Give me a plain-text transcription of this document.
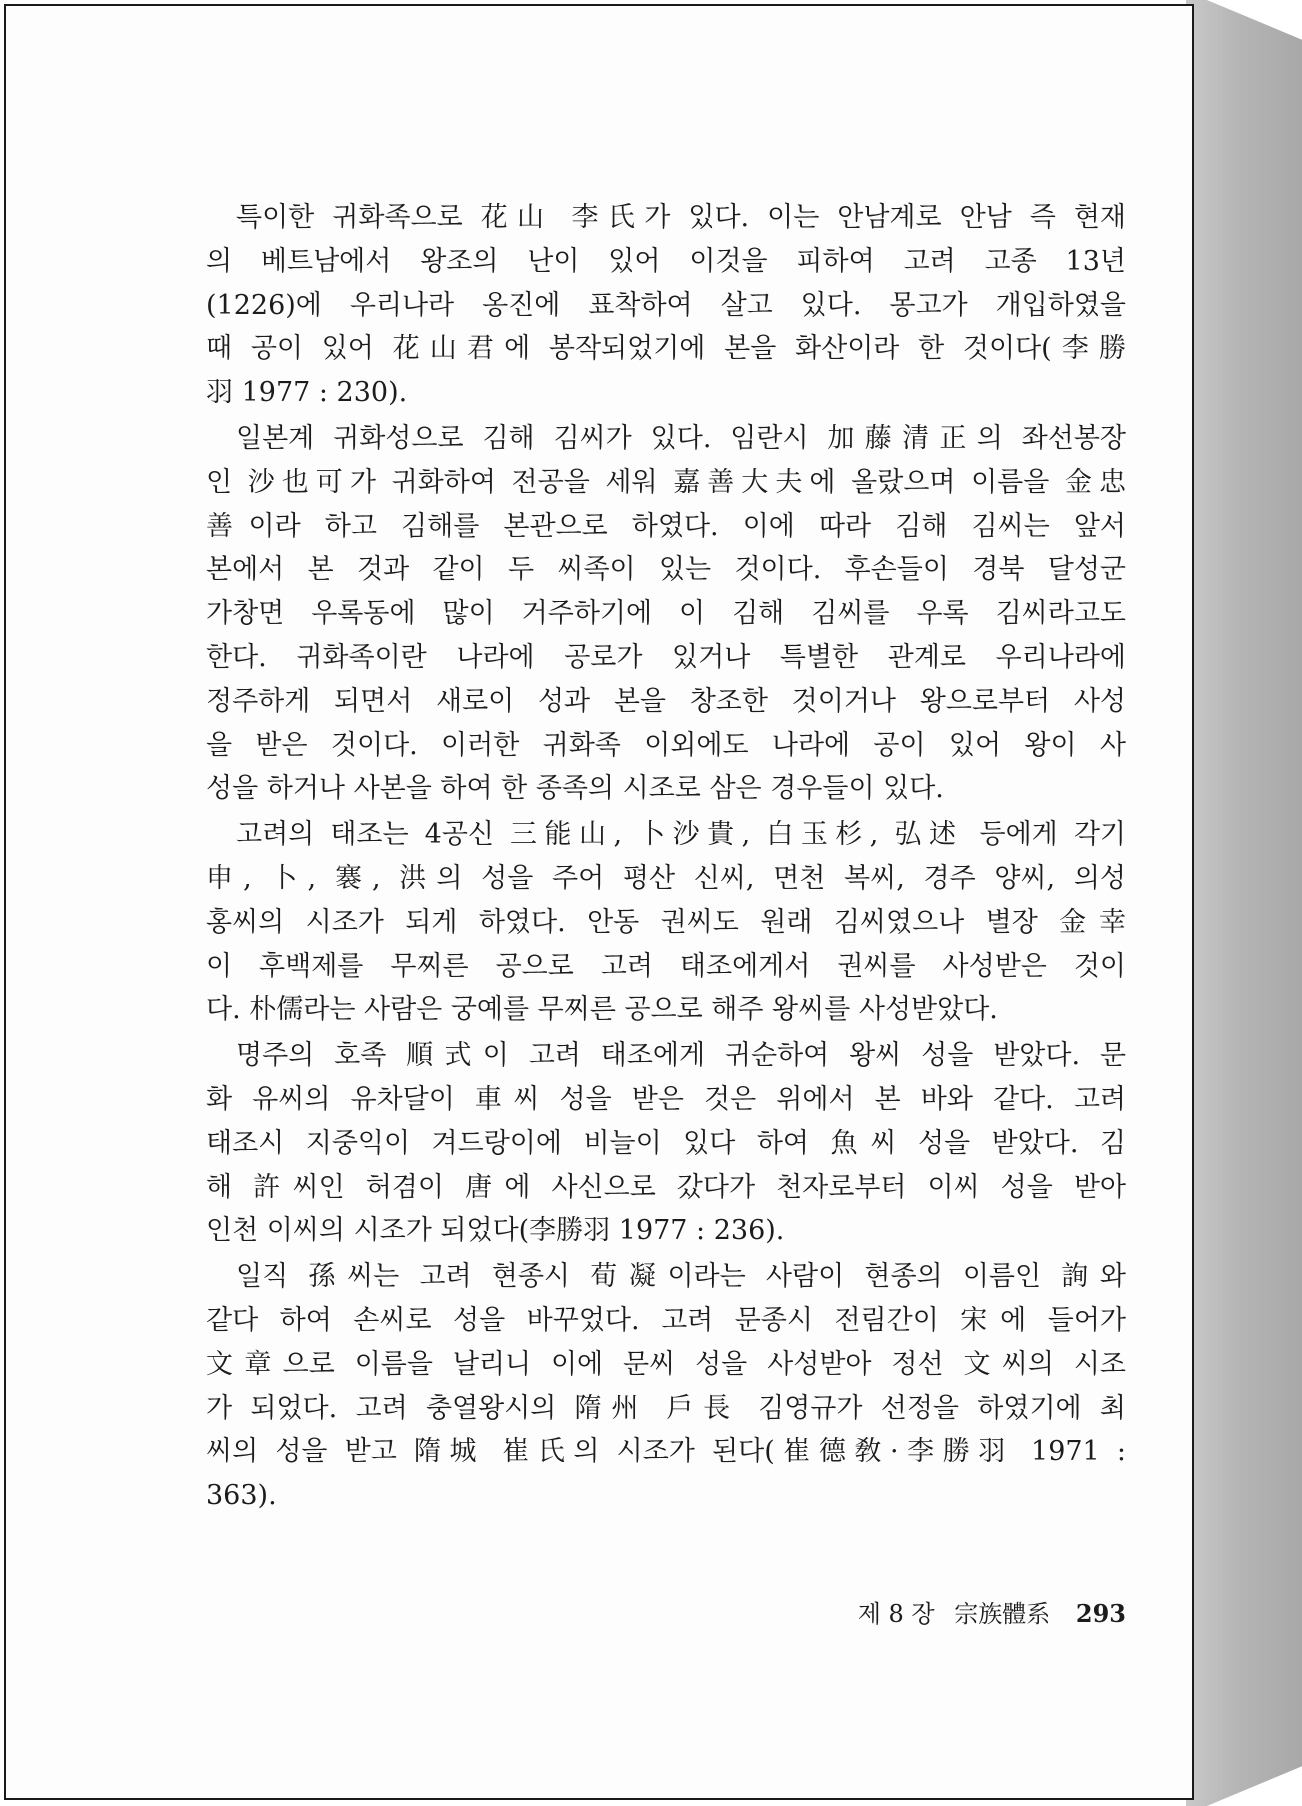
특이한 귀화족으로 花山 李氏가 있다. 이는 안남계로 안남 즉 현재
의 베트남에서 왕조의 난이 있어 이것을 피하여 고려 고종 13년
(1226)에 우리나라 옹진에 표착하여 살고 있다. 몽고가 개입하였을
때 공이 있어 花山君에 봉작되었기에 본을 화산이라 한 것이다(李勝
羽 1977 : 230).
일본계 귀화성으로 김해 김씨가 있다. 임란시 加藤清正의 좌선봉장
인 沙也可가 귀화하여 전공을 세워 嘉善大夫에 올랐으며 이름을 金忠
善이라 하고 김해를 본관으로 하였다. 이에 따라 김해 김씨는 앞서
본에서 본 것과 같이 두 씨족이 있는 것이다. 후손들이 경북 달성군
가창면 우록동에 많이 거주하기에 이 김해 김씨를 우록 김씨라고도
한다. 귀화족이란 나라에 공로가 있거나 특별한 관계로 우리나라에
정주하게 되면서 새로이 성과 본을 창조한 것이거나 왕으로부터 사성
을 받은 것이다. 이러한 귀화족 이외에도 나라에 공이 있어 왕이 사
성을 하거나 사본을 하여 한 종족의 시조로 삼은 경우들이 있다.
고려의 태조는 4공신 三能山, 卜沙貴, 白玉杉, 弘述 등에게 각기
申, 卜, 褰, 洪의 성을 주어 평산 신씨, 면천 복씨, 경주 양씨, 의성
홍씨의 시조가 되게 하였다. 안동 권씨도 원래 김씨였으나 별장 金幸
이 후백제를 무찌른 공으로 고려 태조에게서 권씨를 사성받은 것이
다. 朴儒라는 사람은 궁예를 무찌른 공으로 해주 왕씨를 사성받았다.
명주의 호족 順式이 고려 태조에게 귀순하여 왕씨 성을 받았다. 문
화 유씨의 유차달이 車씨 성을 받은 것은 위에서 본 바와 같다. 고려
태조시 지중익이 겨드랑이에 비늘이 있다 하여 魚씨 성을 받았다. 김
해 許씨인 허겸이 唐에 사신으로 갔다가 천자로부터 이씨 성을 받아
인천 이씨의 시조가 되었다(李勝羽 1977 : 236).
일직 孫씨는 고려 현종시 荀凝이라는 사람이 현종의 이름인 詢와
같다 하여 손씨로 성을 바꾸었다. 고려 문종시 전림간이 宋에 들어가
文章으로 이름을 날리니 이에 문씨 성을 사성받아 정선 文씨의 시조
가 되었다. 고려 충열왕시의 隋州 戶長 김영규가 선정을 하였기에 최
씨의 성을 받고 隋城 崔氏의 시조가 된다(崔德敎·李勝羽 1971 :
363).
제 8 장 宗族體系 293
